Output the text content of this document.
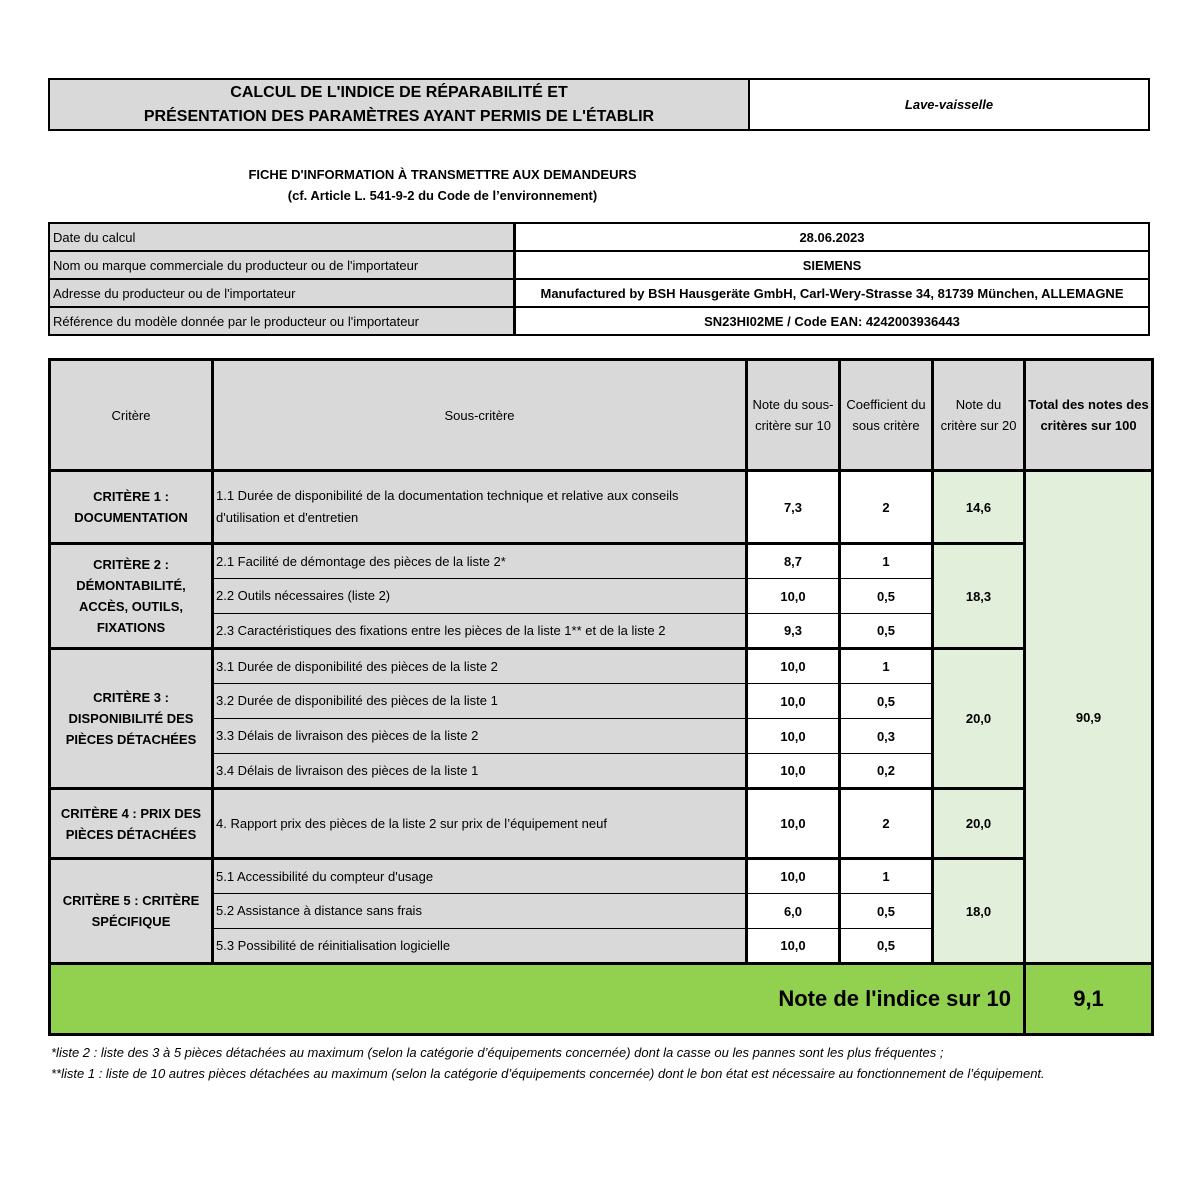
CALCUL DE L'INDICE DE RÉPARABILITÉ ET
PRÉSENTATION DES PARAMÈTRES AYANT PERMIS DE L'ÉTABLIR
Lave-vaisselle
FICHE D'INFORMATION À TRANSMETTRE AUX DEMANDEURS
(cf. Article L. 541-9-2 du Code de l’environnement)
Date du calcul	28.06.2023
Nom ou marque commerciale du producteur ou de l'importateur	SIEMENS
Adresse du producteur ou de l'importateur	Manufactured by BSH Hausgeräte GmbH, Carl-Wery-Strasse 34, 81739 München, ALLEMAGNE
Référence du modèle donnée par le producteur ou l'importateur	SN23HI02ME / Code EAN: 4242003936443
Critère	Sous-critère	Note du sous-critère sur 10	Coefficient du sous critère	Note du critère sur 20	Total des notes des critères sur 100
CRITÈRE 1 : DOCUMENTATION	1.1 Durée de disponibilité de la documentation technique et relative aux conseils d'utilisation et d'entretien	7,3	2	14,6	90,9
CRITÈRE 2 : DÉMONTABILITÉ, ACCÈS, OUTILS, FIXATIONS	2.1 Facilité de démontage des pièces de la liste 2*	8,7	1	18,3	
	2.2 Outils nécessaires (liste 2)	10,0	0,5		
	2.3 Caractéristiques des fixations entre les pièces de la liste 1** et de la liste 2	9,3	0,5		
CRITÈRE 3 : DISPONIBILITÉ DES PIÈCES DÉTACHÉES	3.1 Durée de disponibilité des pièces de la liste 2	10,0	1	20,0	
	3.2 Durée de disponibilité des pièces de la liste 1	10,0	0,5		
	3.3 Délais de livraison des pièces de la liste 2	10,0	0,3		
	3.4 Délais de livraison des pièces de la liste 1	10,0	0,2		
CRITÈRE 4 : PRIX DES PIÈCES DÉTACHÉES	4. Rapport prix des pièces de la liste 2 sur prix de l’équipement neuf	10,0	2	20,0	
CRITÈRE 5 : CRITÈRE SPÉCIFIQUE	5.1 Accessibilité du compteur d'usage	10,0	1	18,0	
	5.2 Assistance à distance sans frais	6,0	0,5		
	5.3 Possibilité de réinitialisation logicielle	10,0	0,5		
Note de l'indice sur 10					9,1

*liste 2 : liste des 3 à 5 pièces détachées au maximum (selon la catégorie d’équipements concernée) dont la casse ou les pannes sont les plus fréquentes ;

**liste 1 : liste de 10 autres pièces détachées au maximum (selon la catégorie d’équipements concernée) dont le bon état est nécessaire au fonctionnement de l’équipement.
